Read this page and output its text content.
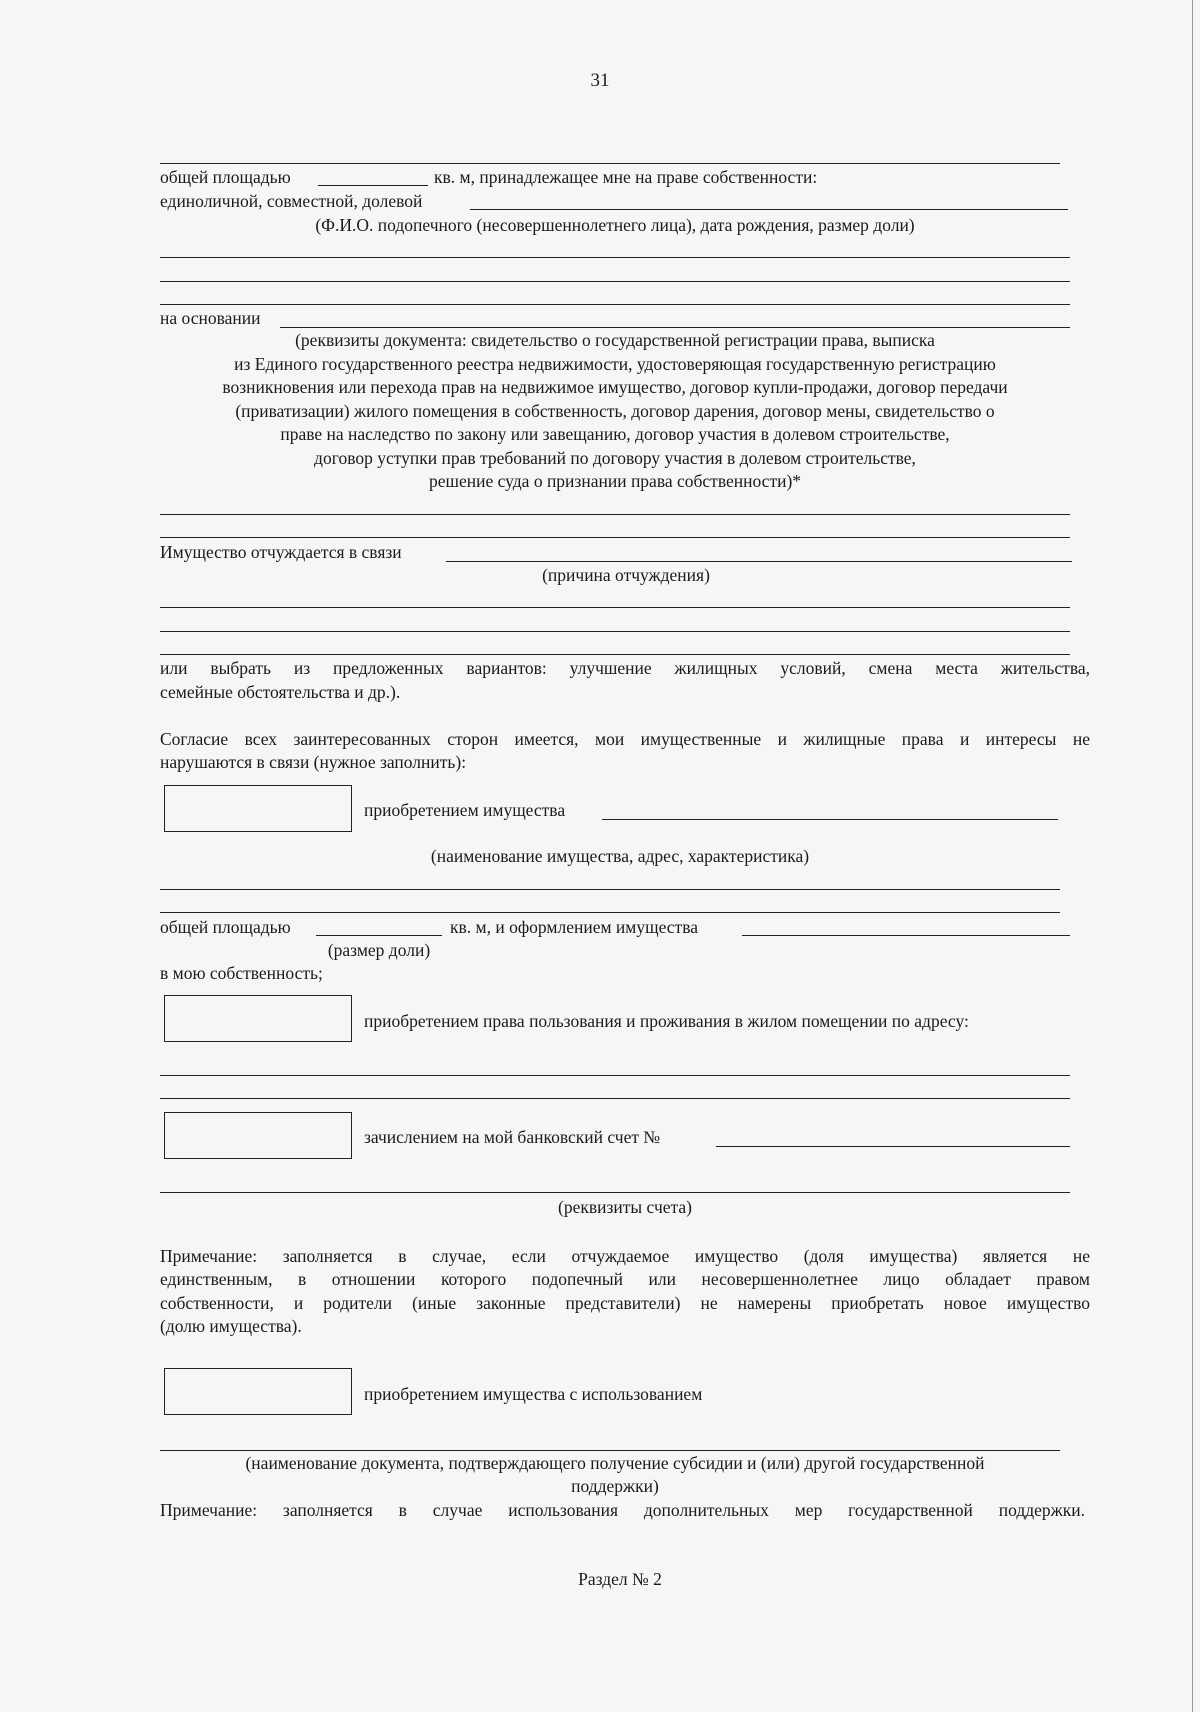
31
общей площадью	кв. м, принадлежащее мне на праве собственности:
единоличной, совместной, долевой
(Ф.И.О. подопечного (несовершеннолетнего лица), дата рождения, размер доли)
на основании
(реквизиты документа: свидетельство о государственной регистрации права, выписка
из Единого государственного реестра недвижимости, удостоверяющая государственную регистрацию
возникновения или перехода прав на недвижимое имущество, договор купли-продажи, договор передачи
(приватизации) жилого помещения в собственность, договор дарения, договор мены, свидетельство о
праве на наследство по закону или завещанию, договор участия в долевом строительстве,
договор уступки прав требований по договору участия в долевом строительстве,
решение суда о признании права собственности)*
Имущество отчуждается в связи
(причина отчуждения)
или выбрать из предложенных вариантов: улучшение жилищных условий, смена места жительства,
семейные обстоятельства и др.).
Согласие всех заинтересованных сторон имеется, мои имущественные и жилищные права и интересы не
нарушаются в связи (нужное заполнить):
приобретением имущества
(наименование имущества, адрес, характеристика)
общей площадью	кв. м, и оформлением имущества
(размер доли)
в мою собственность;
приобретением права пользования и проживания в жилом помещении по адресу:
зачислением на мой банковский счет №
(реквизиты счета)
Примечание: заполняется в случае, если отчуждаемое имущество (доля имущества) является не
единственным, в отношении которого подопечный или несовершеннолетнее лицо обладает правом
собственности, и родители (иные законные представители) не намерены приобретать новое имущество
(долю имущества).
приобретением имущества с использованием
(наименование документа, подтверждающего получение субсидии и (или) другой государственной
поддержки)
Примечание: заполняется в случае использования дополнительных мер государственной поддержки.
Раздел № 2
